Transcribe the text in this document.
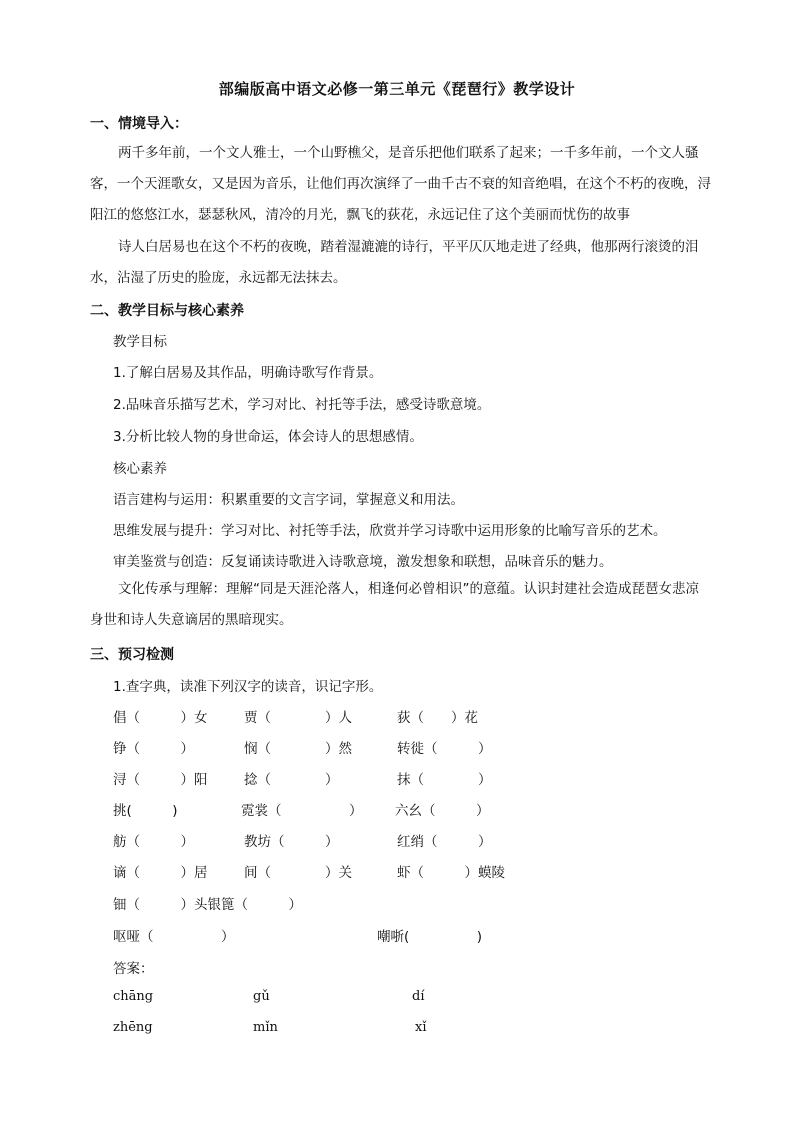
部编版高中语文必修一第三单元《琵琶行》教学设计
一、情境导入：
两千多年前，一个文人雅士，一个山野樵父，是音乐把他们联系了起来；一千多年前，一个文人骚客，一个天涯歌女，又是因为音乐，让他们再次演绎了一曲千古不衰的知音绝唱，在这个不朽的夜晚，浔阳江的悠悠江水，瑟瑟秋风，清冷的月光，飘飞的荻花，永远记住了这个美丽而忧伤的故事
诗人白居易也在这个不朽的夜晚，踏着湿漉漉的诗行，平平仄仄地走进了经典，他那两行滚烫的泪水，沾湿了历史的脸庞，永远都无法抹去。
二、教学目标与核心素养
教学目标
1.了解白居易及其作品，明确诗歌写作背景。
2.品味音乐描写艺术，学习对比、衬托等手法，感受诗歌意境。
3.分析比较人物的身世命运，体会诗人的思想感情。
核心素养
语言建构与运用：积累重要的文言字词，掌握意义和用法。
思维发展与提升：学习对比、衬托等手法，欣赏并学习诗歌中运用形象的比喻写音乐的艺术。
审美鉴赏与创造：反复诵读诗歌进入诗歌意境，激发想象和联想，品味音乐的魅力。
文化传承与理解：理解“同是天涯沦落人，相逢何必曾相识”的意蕴。认识封建社会造成琵琶女悲凉身世和诗人失意谪居的黑暗现实。
三、预习检测
1.查字典，读准下列汉字的读音，识记字形。
倡（　　　）女	贾（　　　　）人	荻（　　）花
铮（　　　）	悯（　　　　）然	转徙（　　　）
浔（　　　）阳	捻（　　　　）	抹（　　　　）
挑(　　　)	霓裳（　　　　　） 六幺（　　　）
舫（　　　）	教坊（　　　）	红绡（　　　）
谪（　　　）居	间（　　　　）关	虾（　　　）蟆陵
钿（　　　）头银篦（　　　）
呕哑（　　　　　）	嘲哳(　　　　　)
答案：
chāng	gǔ	dí
zhēng	mǐn	xǐ
